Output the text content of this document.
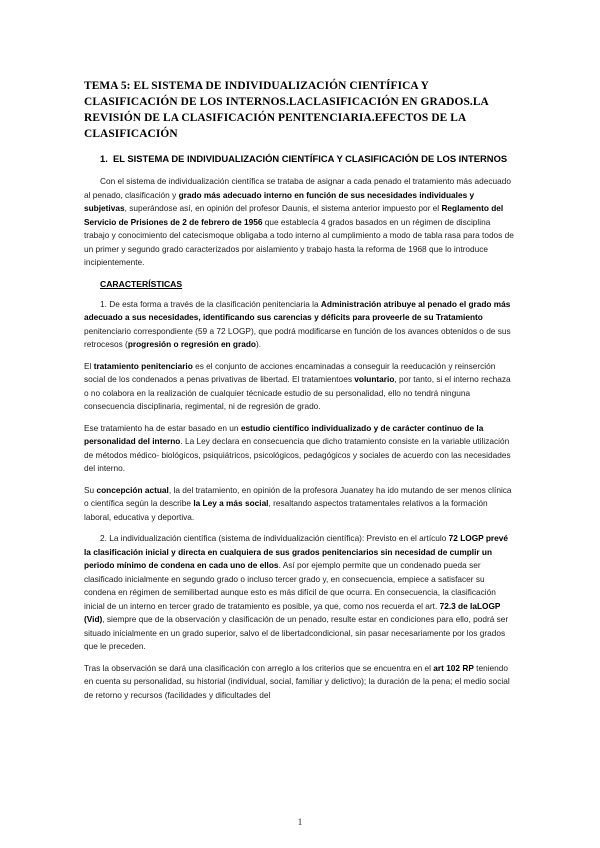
TEMA 5: EL SISTEMA DE INDIVIDUALIZACIÓN CIENTÍFICA Y CLASIFICACIÓN DE LOS INTERNOS.LACLASIFICACIÓN EN GRADOS.LA REVISIÓN DE LA CLASIFICACIÓN PENITENCIARIA.EFECTOS DE LA CLASIFICACIÓN
1. EL SISTEMA DE INDIVIDUALIZACIÓN CIENTÍFICA Y CLASIFICACIÓN DE LOS INTERNOS

Con el sistema de individualización científica se trataba de asignar a cada penado el tratamiento más adecuado al penado, clasificación y grado más adecuado interno en función de sus necesidades individuales y subjetivas, superándose así, en opinión del profesor Daunis, el sistema anterior impuesto por el Reglamento del Servicio de Prisiones de 2 de febrero de 1956 que establecía 4 grados basados en un régimen de disciplina trabajo y conocimiento del catecismoque obligaba a todo interno al cumplimiento a modo de tabla rasa para todos de un primer y segundo grado caracterizados por aislamiento y trabajo hasta la reforma de 1968 que lo introduce incipientemente.

CARACTERÍSTICAS

1. De esta forma a través de la clasificación penitenciaria la Administración atribuye al penado el grado más adecuado a sus necesidades, identificando sus carencias y déficits para proveerle de su Tratamiento penitenciario correspondiente (59 a 72 LOGP), que podrá modificarse en función de los avances obtenidos o de sus retrocesos (progresión o regresión en grado).

El tratamiento penitenciario es el conjunto de acciones encaminadas a conseguir la reeducación y reinserción social de los condenados a penas privativas de libertad. El tratamientoes voluntario, por tanto, si el interno rechaza o no colabora en la realización de cualquier técnicade estudio de su personalidad, ello no tendrá ninguna consecuencia disciplinaria, regimental, ni de regresión de grado.

Ese tratamiento ha de estar basado en un estudio científico individualizado y de carácter continuo de la personalidad del interno. La Ley declara en consecuencia que dicho tratamiento consiste en la variable utilización de métodos médico- biológicos, psiquiátricos, psicológicos, pedagógicos y sociales de acuerdo con las necesidades del interno.

Su concepción actual, la del tratamiento, en opinión de la profesora Juanatey ha ido mutando de ser menos clínica o científica según la describe la Ley a más social, resaltando aspectos tratamentales relativos a la formación laboral, educativa y deportiva.

2. La individualización científica (sistema de individualización científica): Previsto en el artículo 72 LOGP prevé la clasificación inicial y directa en cualquiera de sus grados penitenciarios sin necesidad de cumplir un periodo mínimo de condena en cada uno de ellos. Así por ejemplo permite que un condenado pueda ser clasificado inicialmente en segundo grado o incluso tercer grado y, en consecuencia, empiece a satisfacer su condena en régimen de semilibertad aunque esto es más difícil de que ocurra. En consecuencia, la clasificación inicial de un interno en tercer grado de tratamiento es posible, ya que, como nos recuerda el art. 72.3 de laLOGP (Vid), siempre que de la observación y clasificación de un penado, resulte estar en condiciones para ello, podrá ser situado inicialmente en un grado superior, salvo el de libertadcondicional, sin pasar necesariamente por los grados que le preceden.

Tras la observación se dará una clasificación con arreglo a los criterios que se encuentra en el art 102 RP teniendo en cuenta su personalidad, su historial (individual, social, familiar y delictivo); la duración de la pena; el medio social de retorno y recursos (facilidades y dificultades del

1
